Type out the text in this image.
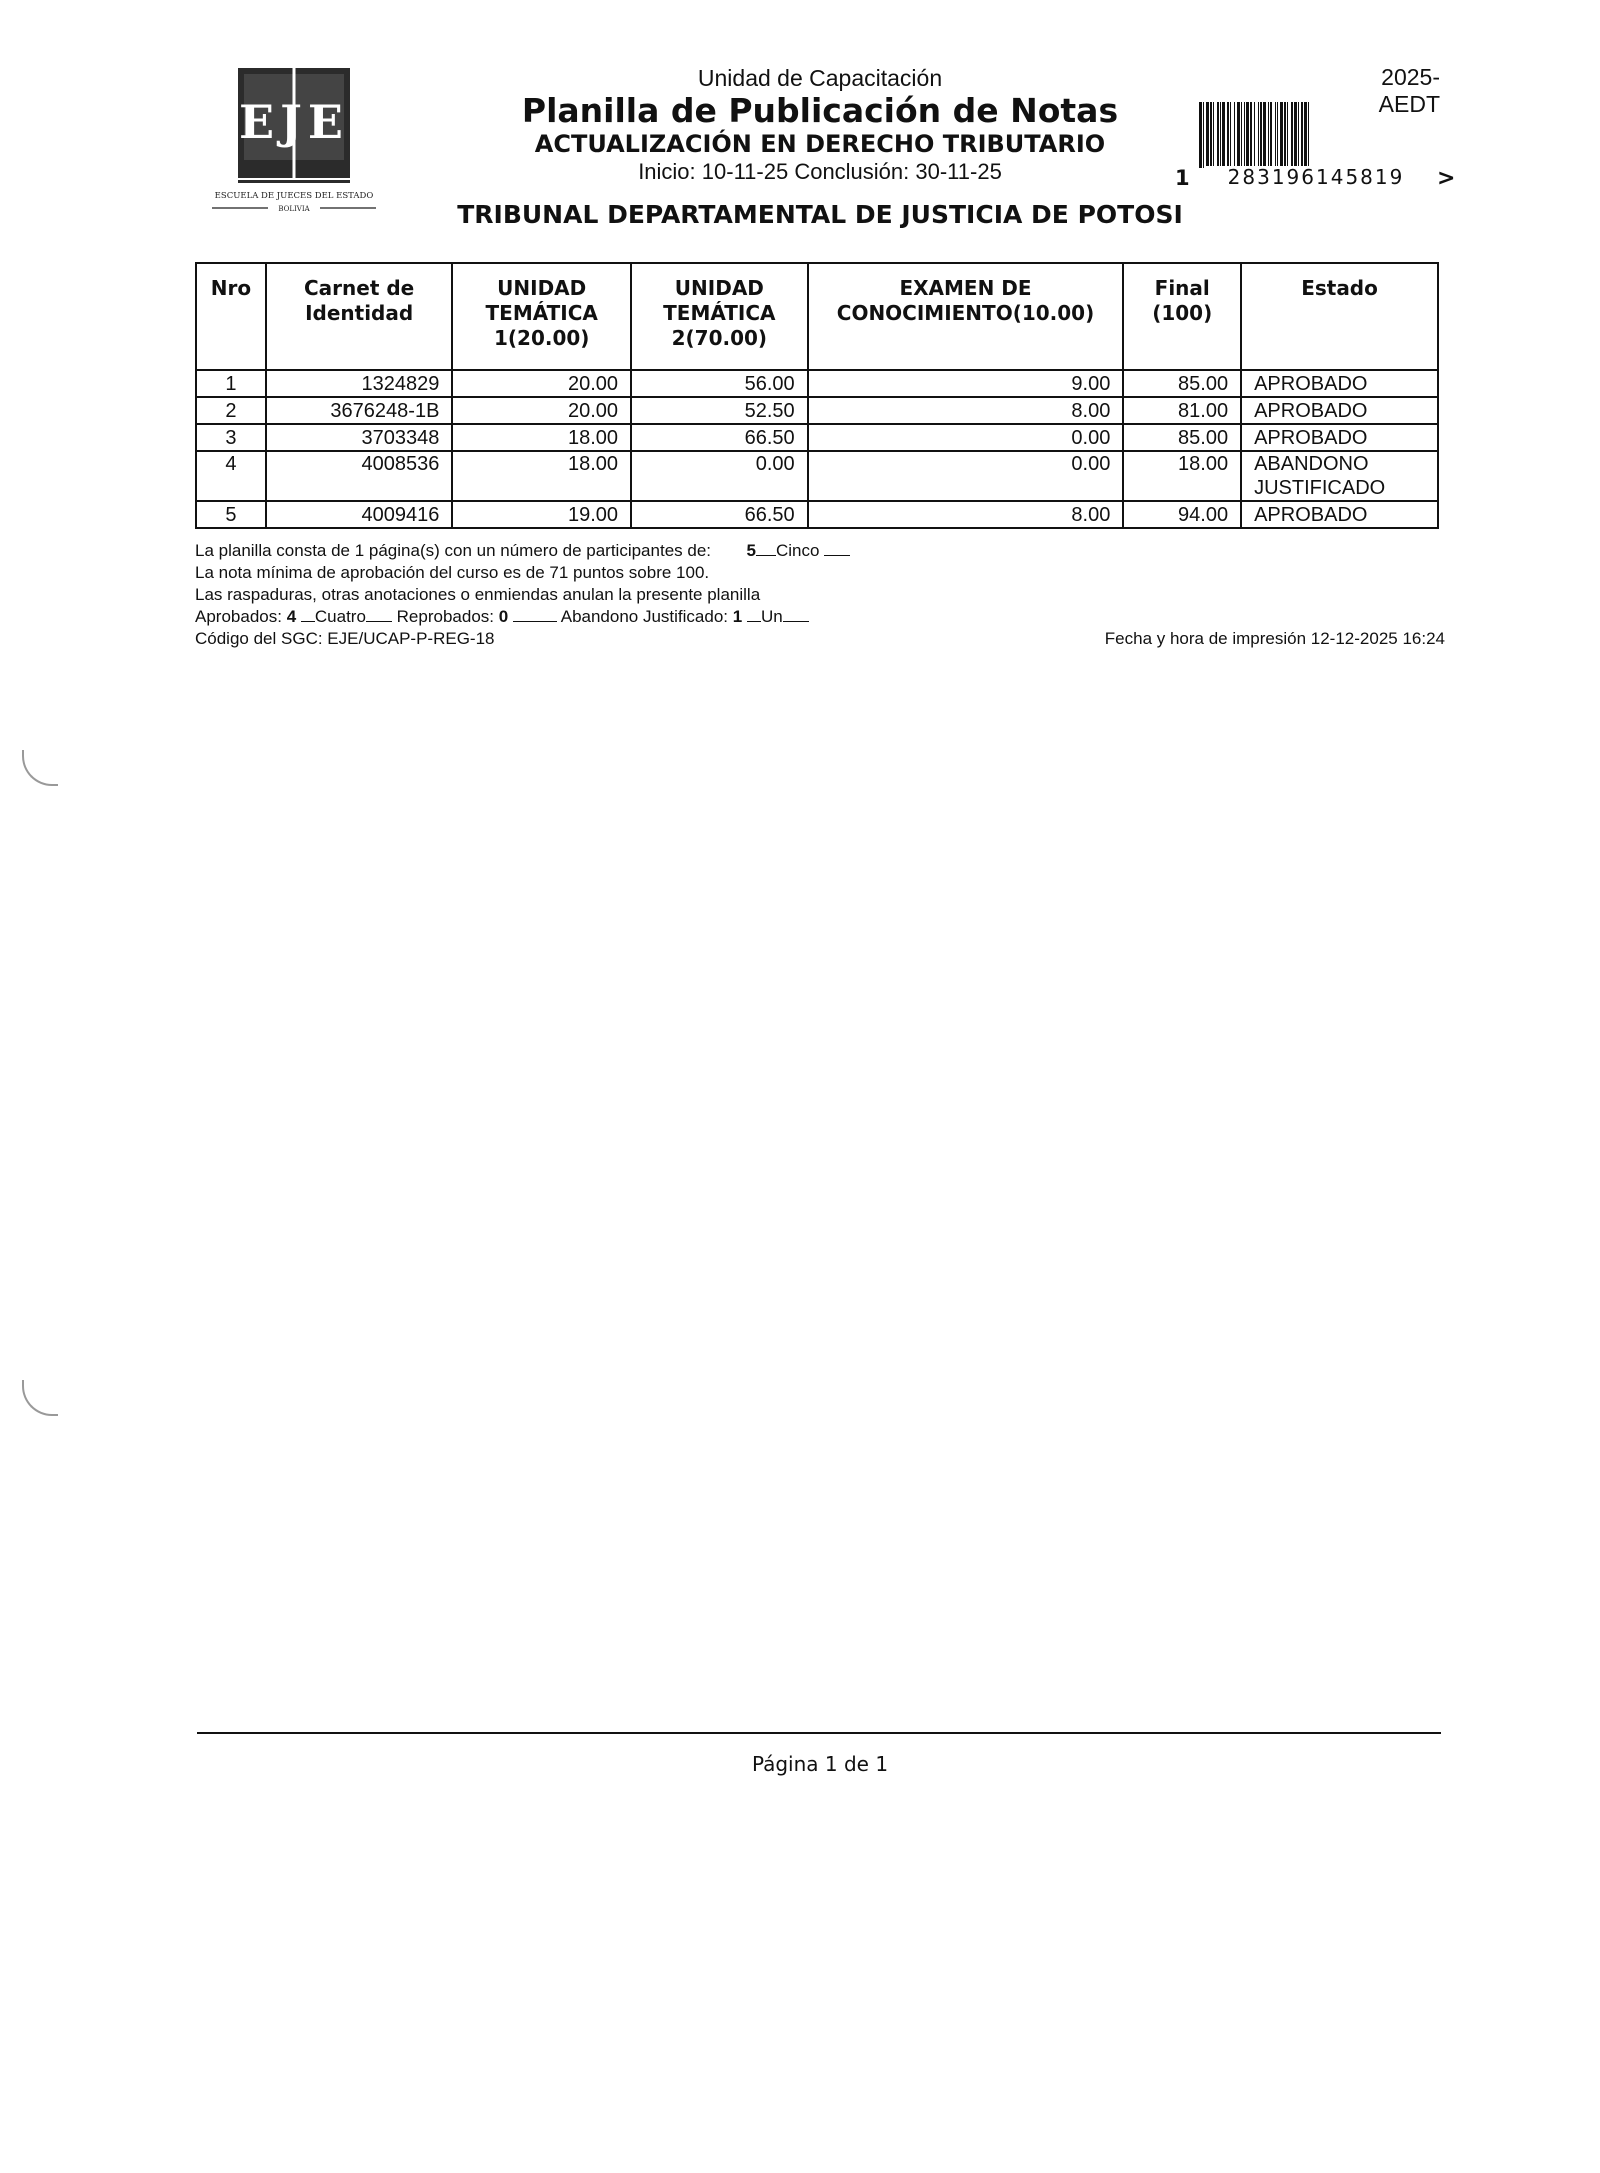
EJE
ESCUELA DE JUECES DEL ESTADO
BOLIVIA
Unidad de Capacitación
Planilla de Publicación de Notas
ACTUALIZACIÓN EN DERECHO TRIBUTARIO
Inicio: 10-11-25 Conclusión: 30-11-25
TRIBUNAL DEPARTAMENTAL DE JUSTICIA DE POTOSI
2025-AEDT
1	283196145819	>
Nro	Carnet de Identidad	UNIDAD TEMÁTICA 1(20.00)	UNIDAD TEMÁTICA 2(70.00)	EXAMEN DE CONOCIMIENTO(10.00)	Final (100)	Estado
1	1324829	20.00	56.00	9.00	85.00	APROBADO
2	3676248-1B	20.00	52.50	8.00	81.00	APROBADO
3	3703348	18.00	66.50	0.00	85.00	APROBADO
4	4008536	18.00	0.00	0.00	18.00	ABANDONO JUSTIFICADO
5	4009416	19.00	66.50	8.00	94.00	APROBADO
La planilla consta de 1 página(s) con un número de participantes de: 5 Cinco
La nota mínima de aprobación del curso es de 71 puntos sobre 100.
Las raspaduras, otras anotaciones o enmiendas anulan la presente planilla
Aprobados: 4 Cuatro Reprobados: 0	Abandono Justificado: 1 Un
Código del SGC: EJE/UCAP-P-REG-18	Fecha y hora de impresión 12-12-2025 16:24
Página 1 de 1
